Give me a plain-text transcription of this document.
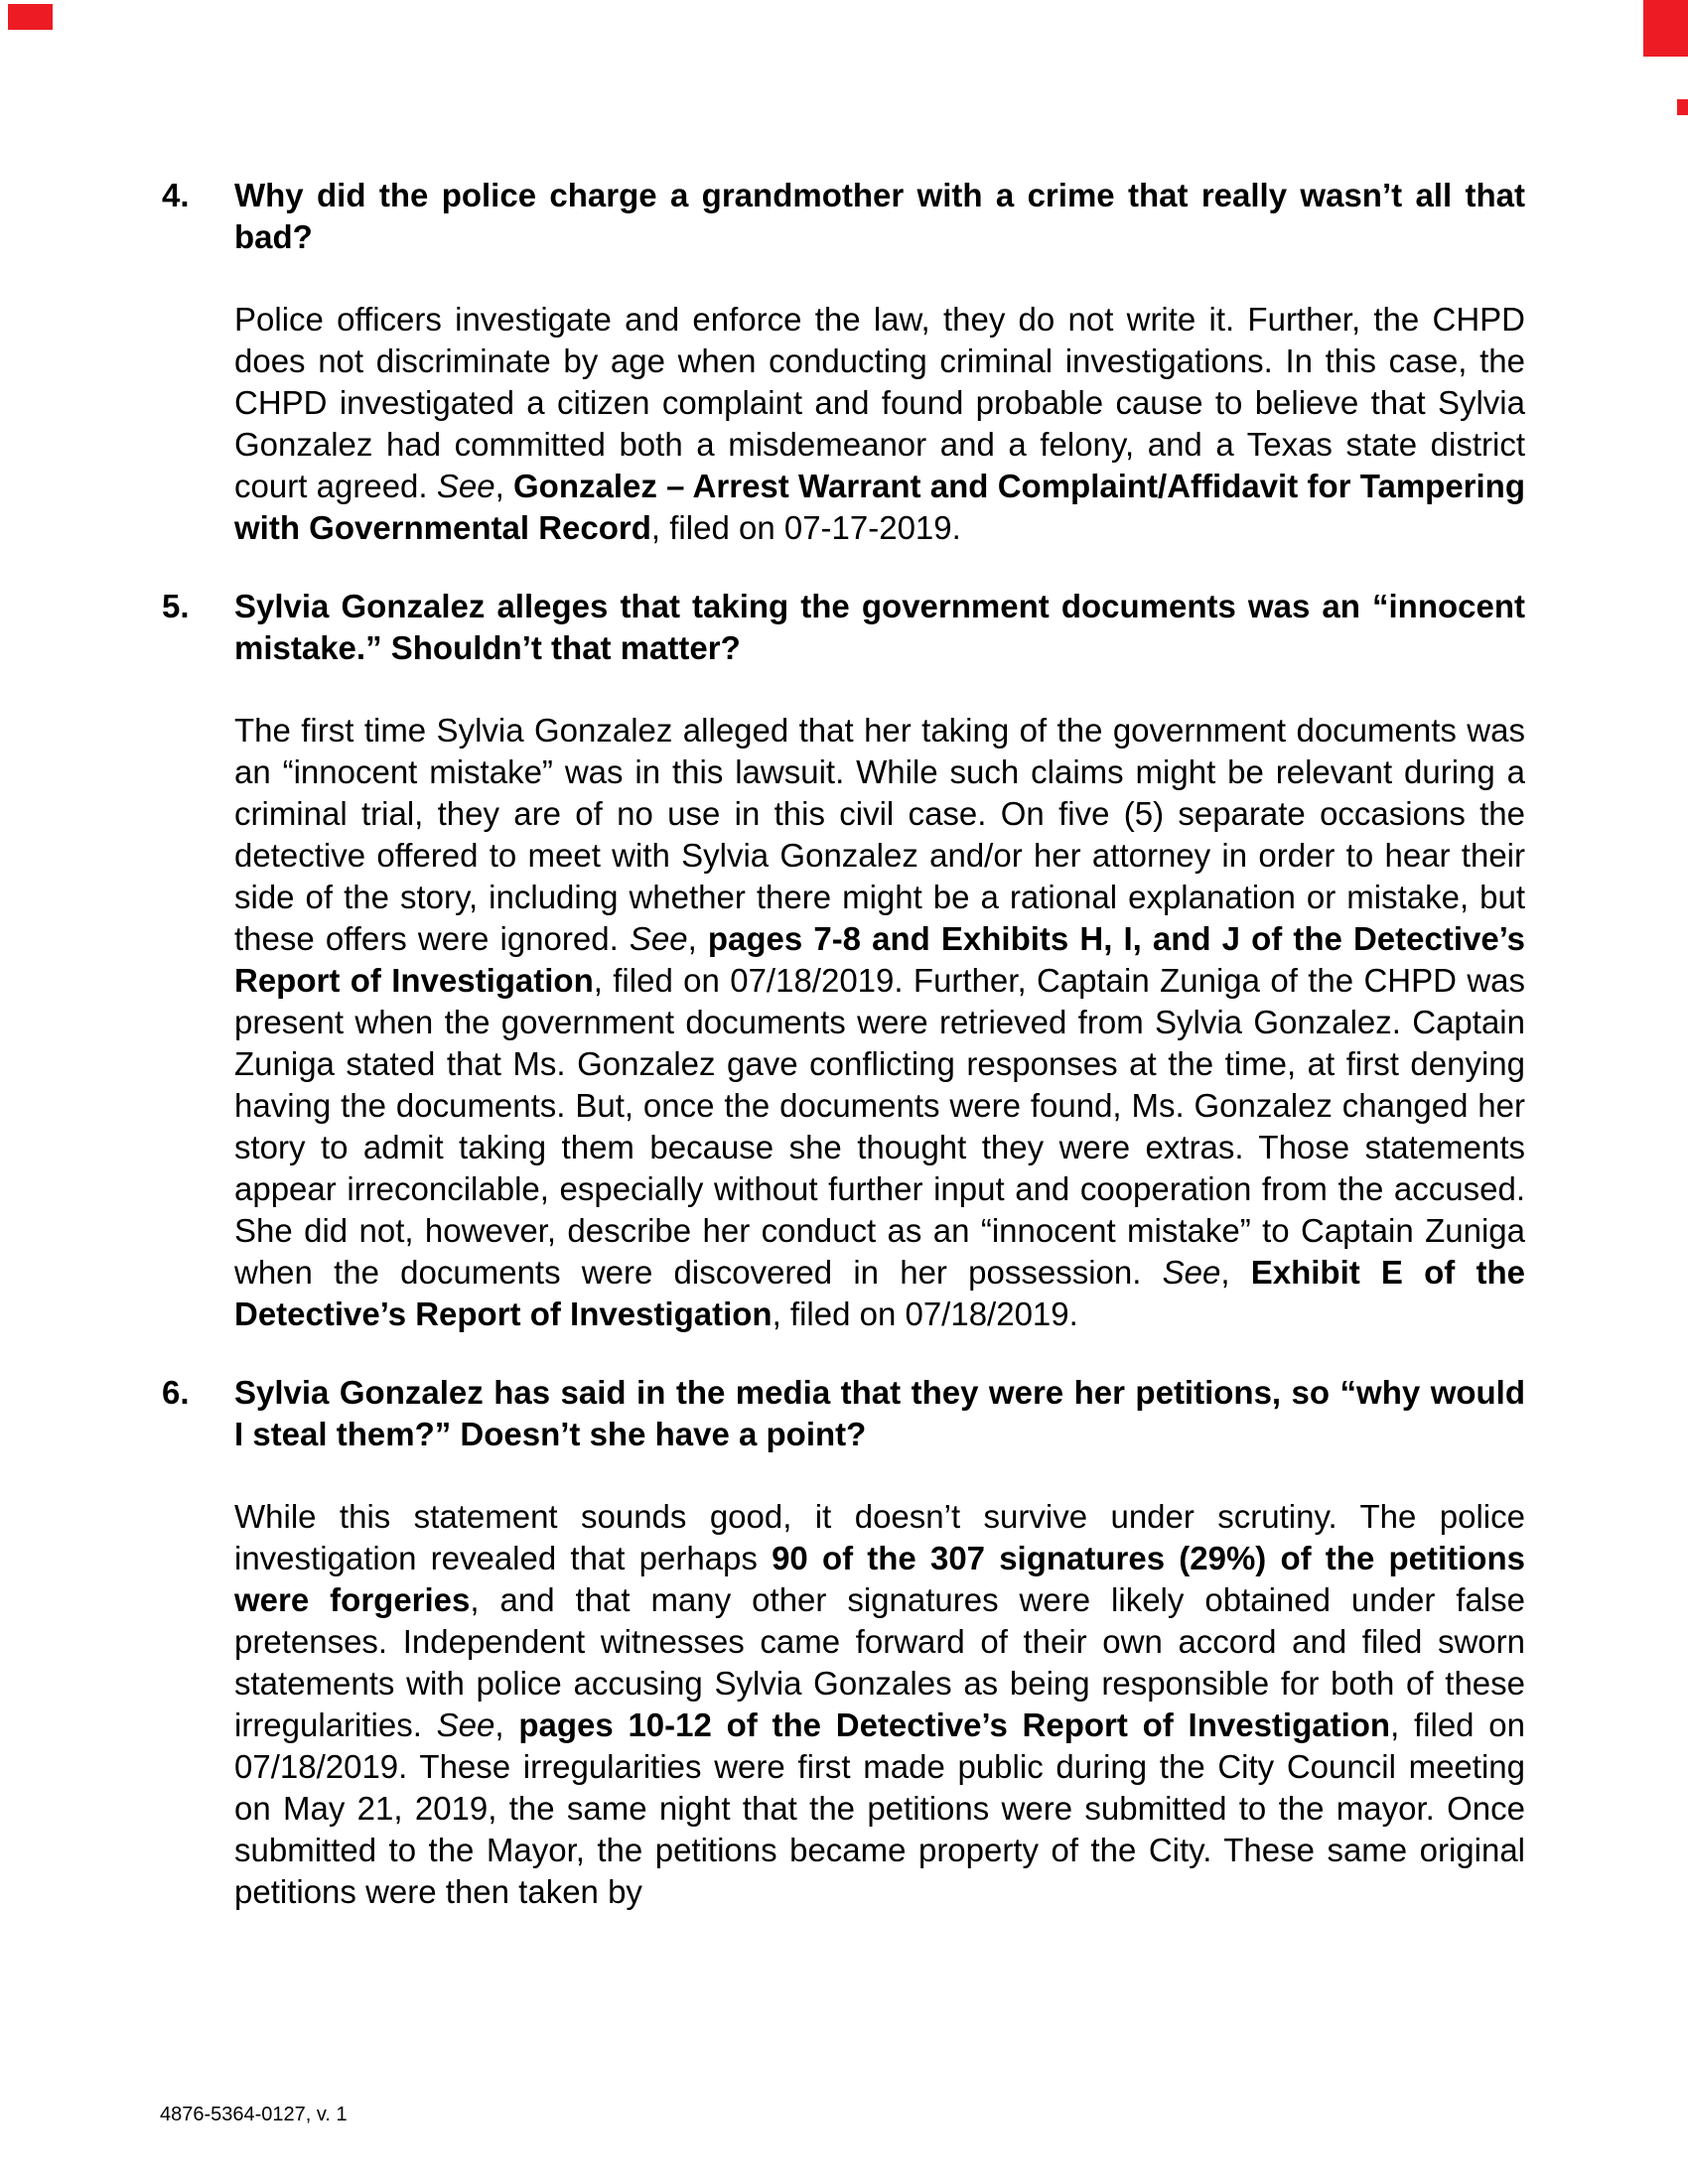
4.	Why did the police charge a grandmother with a crime that really wasn’t all that bad?

Police officers investigate and enforce the law, they do not write it. Further, the CHPD does not discriminate by age when conducting criminal investigations. In this case, the CHPD investigated a citizen complaint and found probable cause to believe that Sylvia Gonzalez had committed both a misdemeanor and a felony, and a Texas state district court agreed. See, Gonzalez – Arrest Warrant and Complaint/Affidavit for Tampering with Governmental Record, filed on 07-17-2019.

5.	Sylvia Gonzalez alleges that taking the government documents was an “innocent mistake.” Shouldn’t that matter?

The first time Sylvia Gonzalez alleged that her taking of the government documents was an “innocent mistake” was in this lawsuit. While such claims might be relevant during a criminal trial, they are of no use in this civil case. On five (5) separate occasions the detective offered to meet with Sylvia Gonzalez and/or her attorney in order to hear their side of the story, including whether there might be a rational explanation or mistake, but these offers were ignored. See, pages 7-8 and Exhibits H, I, and J of the Detective’s Report of Investigation, filed on 07/18/2019. Further, Captain Zuniga of the CHPD was present when the government documents were retrieved from Sylvia Gonzalez. Captain Zuniga stated that Ms. Gonzalez gave conflicting responses at the time, at first denying having the documents. But, once the documents were found, Ms. Gonzalez changed her story to admit taking them because she thought they were extras. Those statements appear irreconcilable, especially without further input and cooperation from the accused. She did not, however, describe her conduct as an “innocent mistake” to Captain Zuniga when the documents were discovered in her possession. See, Exhibit E of the Detective’s Report of Investigation, filed on 07/18/2019.

6.	Sylvia Gonzalez has said in the media that they were her petitions, so “why would I steal them?” Doesn’t she have a point?

While this statement sounds good, it doesn’t survive under scrutiny. The police investigation revealed that perhaps 90 of the 307 signatures (29%) of the petitions were forgeries, and that many other signatures were likely obtained under false pretenses. Independent witnesses came forward of their own accord and filed sworn statements with police accusing Sylvia Gonzales as being responsible for both of these irregularities. See, pages 10-12 of the Detective’s Report of Investigation, filed on 07/18/2019. These irregularities were first made public during the City Council meeting on May 21, 2019, the same night that the petitions were submitted to the mayor. Once submitted to the Mayor, the petitions became property of the City. These same original petitions were then taken by

4876-5364-0127, v. 1
